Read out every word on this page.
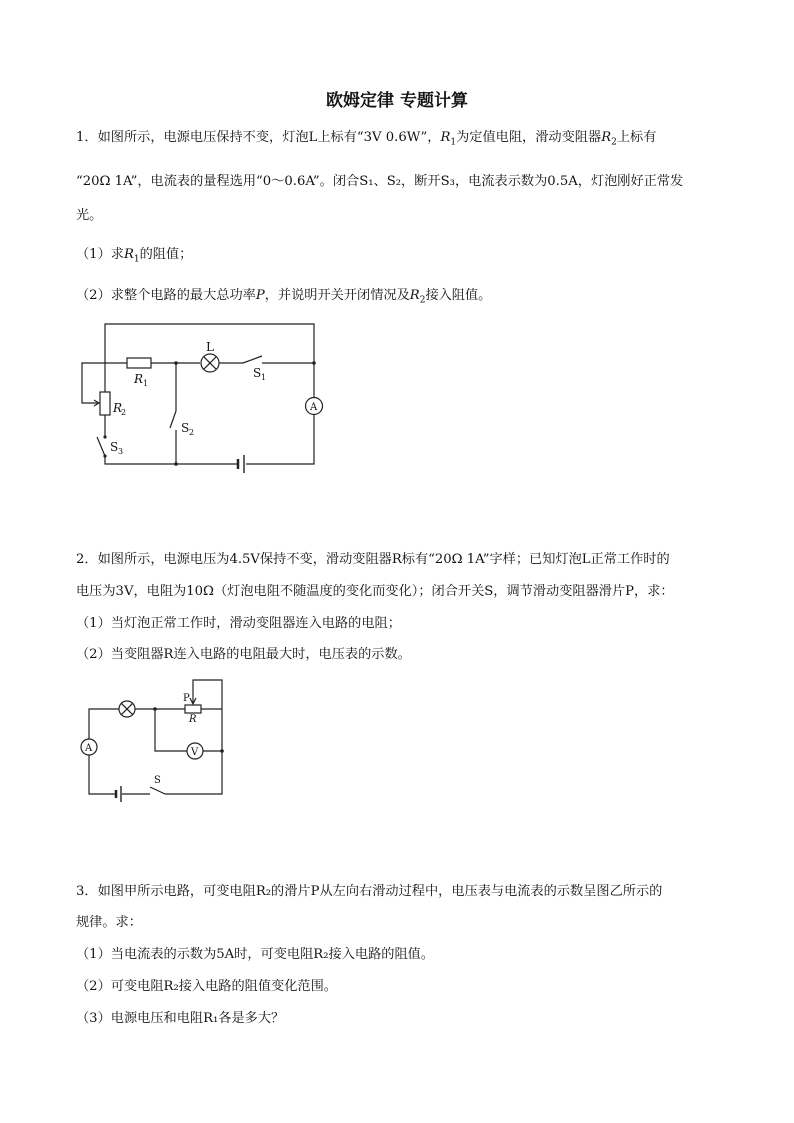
欧姆定律 专题计算
1．如图所示，电源电压保持不变，灯泡L上标有“3V 0.6W”，$R_1$为定值电阻，滑动变阻器$R_2$上标有
“20Ω 1A”，电流表的量程选用“0～0.6A”。闭合S₁、S₂，断开S₃，电流表示数为0.5A，灯泡刚好正常发
光。
（1）求$R_1$的阻值；
（2）求整个电路的最大总功率P，并说明开关开闭情况及$R_2$接入阻值。
L
R 1
S 1
R
2
S 2
S 3
A
2．如图所示，电源电压为4.5V保持不变，滑动变阻器R标有“20Ω 1A”字样；已知灯泡L正常工作时的
电压为3V，电阻为10Ω（灯泡电阻不随温度的变化而变化）；闭合开关S，调节滑动变阻器滑片P，求：
（1）当灯泡正常工作时，滑动变阻器连入电路的电阻；
（2）当变阻器R连入电路的电阻最大时，电压表的示数。
P
R
V
A
S
3．如图甲所示电路，可变电阻R₂的滑片P从左向右滑动过程中，电压表与电流表的示数呈图乙所示的
规律。求：
（1）当电流表的示数为5A时，可变电阻R₂接入电路的阻值。
（2）可变电阻R₂接入电路的阻值变化范围。
（3）电源电压和电阻R₁各是多大？
